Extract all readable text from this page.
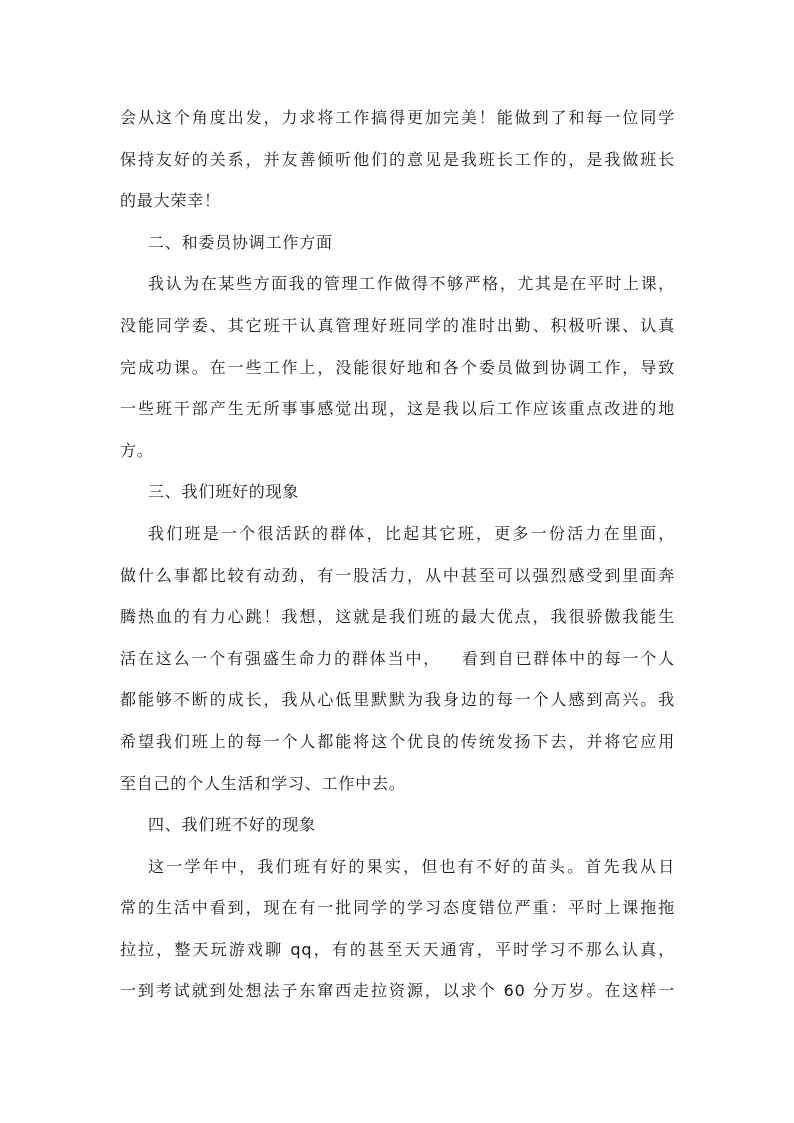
会从这个角度出发，力求将工作搞得更加完美！能做到了和每一位同学
保持友好的关系，并友善倾听他们的意见是我班长工作的，是我做班长
的最大荣幸！
二、和委员协调工作方面
我认为在某些方面我的管理工作做得不够严格，尤其是在平时上课，
没能同学委、其它班干认真管理好班同学的准时出勤、积极听课、认真
完成功课。在一些工作上，没能很好地和各个委员做到协调工作，导致
一些班干部产生无所事事感觉出现，这是我以后工作应该重点改进的地
方。
三、我们班好的现象
我们班是一个很活跃的群体，比起其它班，更多一份活力在里面，
做什么事都比较有动劲，有一股活力，从中甚至可以强烈感受到里面奔
腾热血的有力心跳！我想，这就是我们班的最大优点，我很骄傲我能生
活在这么一个有强盛生命力的群体当中，   看到自已群体中的每一个人
都能够不断的成长，我从心低里默默为我身边的每一个人感到高兴。我
希望我们班上的每一个人都能将这个优良的传统发扬下去，并将它应用
至自己的个人生活和学习、工作中去。
四、我们班不好的现象
这一学年中，我们班有好的果实，但也有不好的苗头。首先我从日
常的生活中看到，现在有一批同学的学习态度错位严重：平时上课拖拖
拉拉，整天玩游戏聊 qq，有的甚至天天通宵，平时学习不那么认真，
一到考试就到处想法子东窜西走拉资源，以求个 60 分万岁。在这样一
